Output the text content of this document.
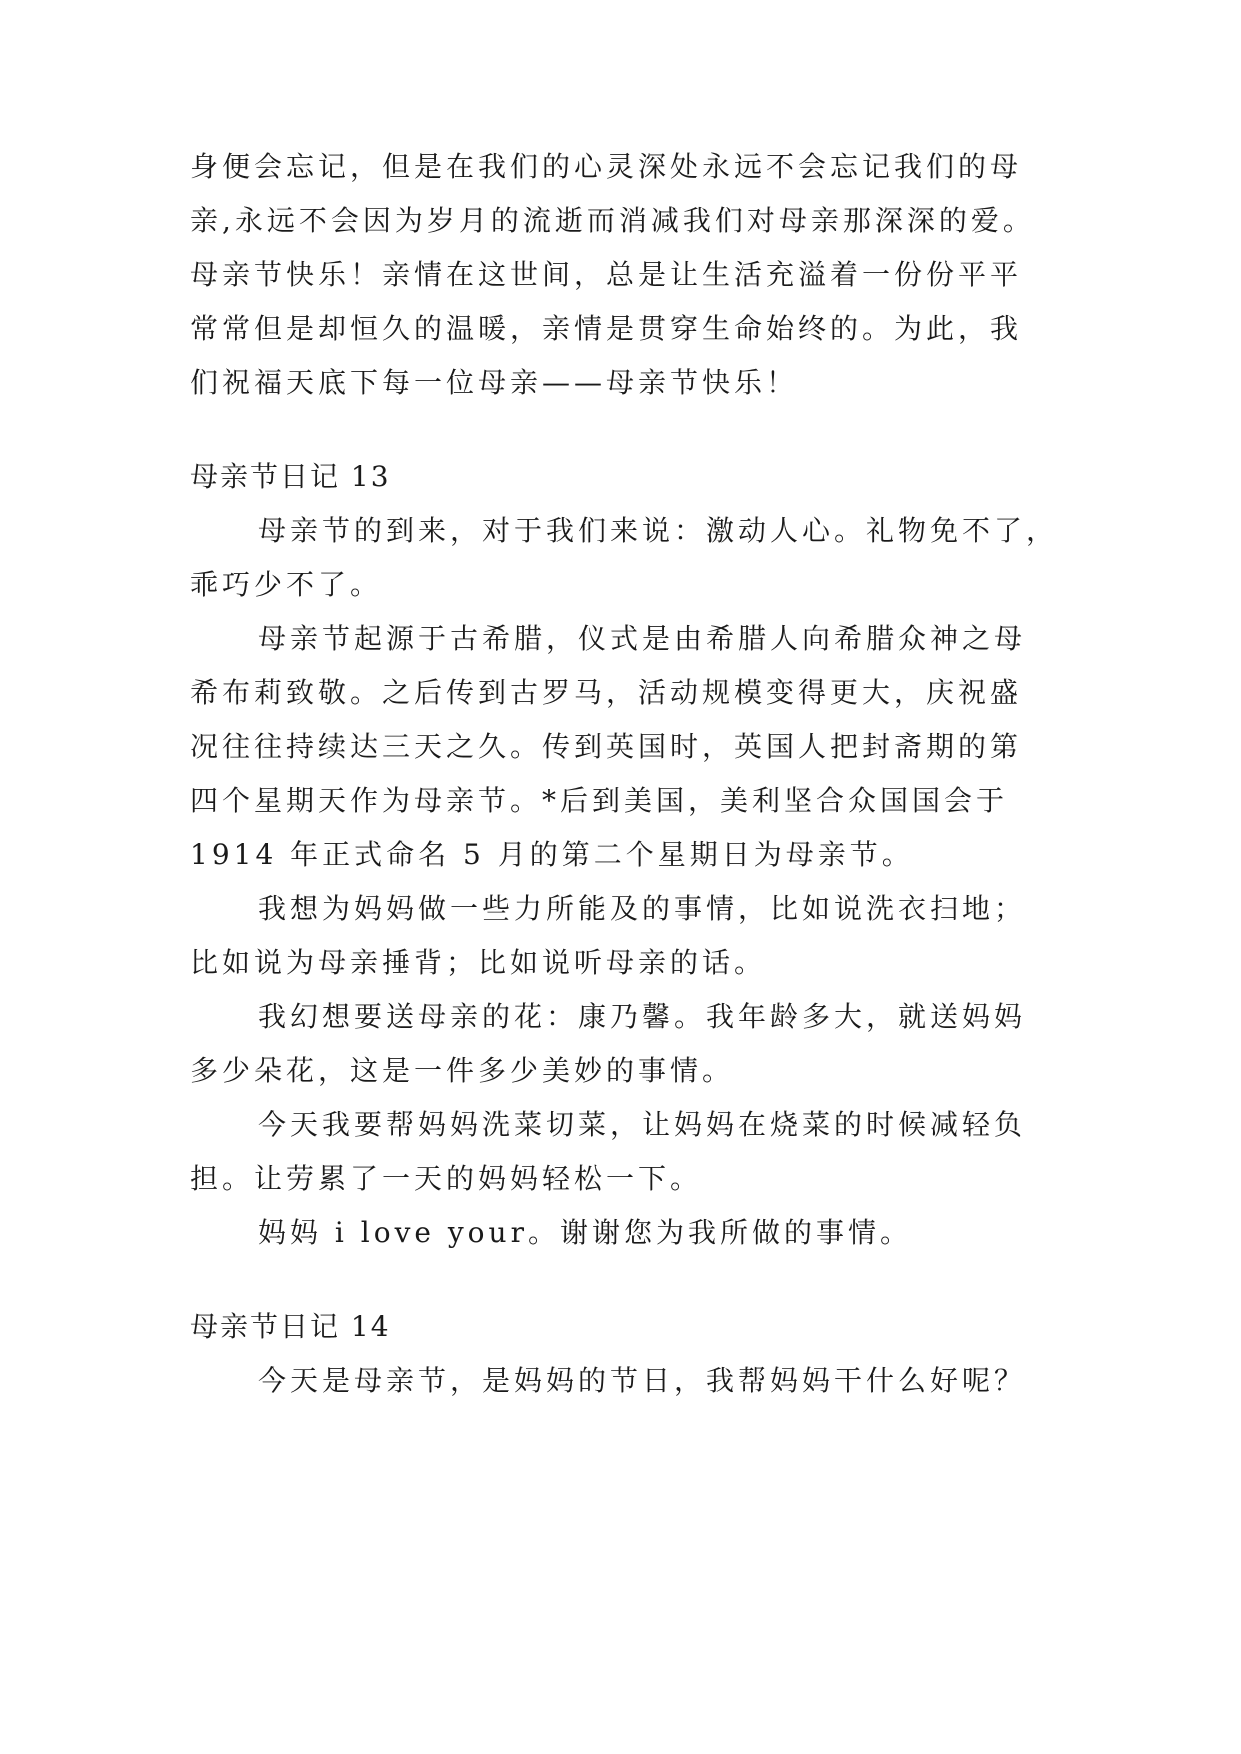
身便会忘记，但是在我们的心灵深处永远不会忘记我们的母
亲,永远不会因为岁月的流逝而消减我们对母亲那深深的爱。
母亲节快乐！亲情在这世间，总是让生活充溢着一份份平平
常常但是却恒久的温暖，亲情是贯穿生命始终的。为此，我
们祝福天底下每一位母亲——母亲节快乐！
母亲节日记 13
母亲节的到来，对于我们来说：激动人心。礼物免不了，
乖巧少不了。
母亲节起源于古希腊，仪式是由希腊人向希腊众神之母
希布莉致敬。之后传到古罗马，活动规模变得更大，庆祝盛
况往往持续达三天之久。传到英国时，英国人把封斋期的第
四个星期天作为母亲节。*后到美国，美利坚合众国国会于
1914 年正式命名 5 月的第二个星期日为母亲节。
我想为妈妈做一些力所能及的事情，比如说洗衣扫地；
比如说为母亲捶背；比如说听母亲的话。
我幻想要送母亲的花：康乃馨。我年龄多大，就送妈妈
多少朵花，这是一件多少美妙的事情。
今天我要帮妈妈洗菜切菜，让妈妈在烧菜的时候减轻负
担。让劳累了一天的妈妈轻松一下。
妈妈 i love your。谢谢您为我所做的事情。
母亲节日记 14
今天是母亲节，是妈妈的节日，我帮妈妈干什么好呢？
